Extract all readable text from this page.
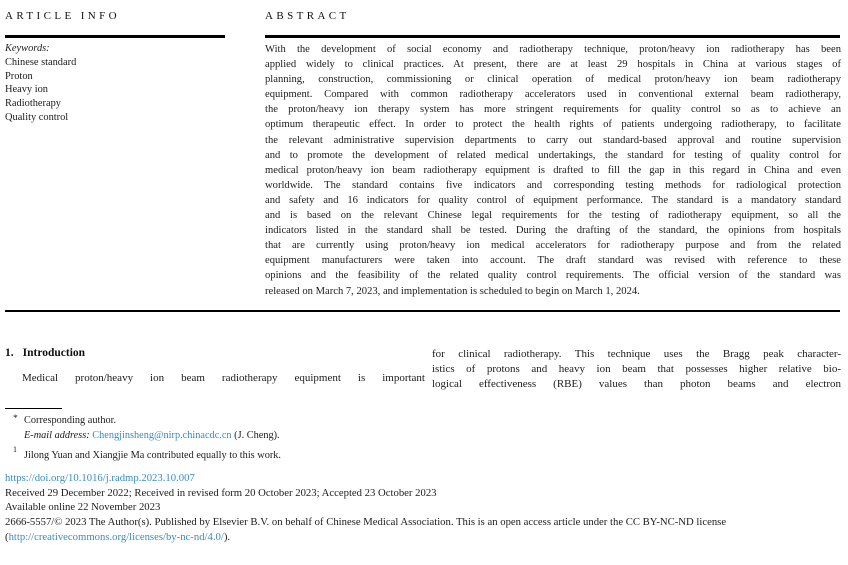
ARTICLE INFO
Keywords:
Chinese standard
Proton
Heavy ion
Radiotherapy
Quality control
ABSTRACT
With the development of social economy and radiotherapy technique, proton/heavy ion radiotherapy has been
applied widely to clinical practices. At present, there are at least 29 hospitals in China at various stages of
planning, construction, commissioning or clinical operation of medical proton/heavy ion beam radiotherapy
equipment. Compared with common radiotherapy accelerators used in conventional external beam radiotherapy,
the proton/heavy ion therapy system has more stringent requirements for quality control so as to achieve an
optimum therapeutic effect. In order to protect the health rights of patients undergoing radiotherapy, to facilitate
the relevant administrative supervision departments to carry out standard-based approval and routine supervision
and to promote the development of related medical undertakings, the standard for testing of quality control for
medical proton/heavy ion beam radiotherapy equipment is drafted to fill the gap in this regard in China and even
worldwide. The standard contains five indicators and corresponding testing methods for radiological protection
and safety and 16 indicators for quality control of equipment performance. The standard is a mandatory standard
and is based on the relevant Chinese legal requirements for the testing of radiotherapy equipment, so all the
indicators listed in the standard shall be tested. During the drafting of the standard, the opinions from hospitals
that are currently using proton/heavy ion medical accelerators for radiotherapy purpose and from the related
equipment manufacturers were taken into account. The draft standard was revised with reference to these
opinions and the feasibility of the related quality control requirements. The official version of the standard was
released on March 7, 2023, and implementation is scheduled to begin on March 1, 2024.
1. Introduction
Medical proton/heavy ion beam radiotherapy equipment is important
for clinical radiotherapy. This technique uses the Bragg peak character-
istics of protons and heavy ion beam that possesses higher relative bio-
logical effectiveness (RBE) values than photon beams and electron
* Corresponding author.
E-mail address: Chengjinsheng@nirp.chinacdc.cn (J. Cheng).
$^1$Jilong Yuan and Xiangjie Ma contributed equally to this work.
https://doi.org/10.1016/j.radmp.2023.10.007
Received 29 December 2022; Received in revised form 20 October 2023; Accepted 23 October 2023
Available online 22 November 2023
2666-5557/© 2023 The Author(s). Published by Elsevier B.V. on behalf of Chinese Medical Association. This is an open access article under the CC BY-NC-ND license
(http://creativecommons.org/licenses/by-nc-nd/4.0/).
